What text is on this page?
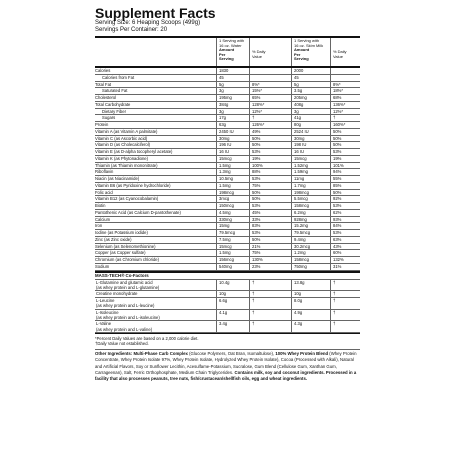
Supplement Facts
Serving Size: 6 Heaping Scoops (499g)
Servings Per Container: 20
1 Serving with
16 oz. Water
Amount
Per
Serving
% Daily
Value
1 Serving with
16 oz. Skim Milk
Amount
Per
Serving
% Daily
Value
Calories	1830	2000
Calories from Fat	45	45
Total Fat	5g	8%*	5g	8%*
Saturated Fat	3g	15%*	3.5g	18%*
Cholesterol	195mg	65%	205mg	68%
Total Carbohydrate	384g	128%*	408g	136%*
Dietary Fiber	3g	12%*	3g	12%*
Sugars	17g	†	41g	†
Protein	63g	126%*	80g	160%*
Vitamin A (as Vitamin A palmitate)	2450 IU	49%	2524 IU	50%
Vitamin C (as Ascorbic acid)	30mg	50%	30mg	50%
Vitamin D (as Cholecalciferol)	196 IU	50%	198 IU	50%
Vitamin E (as D-alpha tocopheryl acetate)	16 IU	53%	16 IU	53%
Vitamin K (as Phytonadione)	15mcg	19%	15mcg	19%
Thiamin (as Thiamin mononitrate)	1.5mg	100%	1.52mg	101%
Riboflavin	1.3mg	88%	1.59mg	94%
Niacin (as Niacinamide)	10.5mg	53%	11mg	55%
Vitamin B6 (as Pyridoxine hydrochloride)	1.5mg	75%	1.7mg	85%
Folic acid	198mcg	50%	198mcg	50%
Vitamin B12 (as Cyanocobalamin)	3mcg	50%	5.5mcg	92%
Biotin	150mcg	53%	158mcg	53%
Pantothenic Acid (as Calcium D-pantothenate)	4.5mg	45%	6.2mg	62%
Calcium	330mg	33%	928mg	93%
Iron	15mg	83%	15.2mg	84%
Iodine (as Potassium iodide)	79.5mcg	53%	79.5mcg	53%
Zinc (as Zinc oxide)	7.5mg	50%	9.4mg	63%
Selenium (as Selenomethionine)	15mcg	21%	30.2mcg	43%
Copper (as Copper sulfate)	1.5mg	75%	1.2mg	60%
Chromium (as Chromium chloride)	156mcg	130%	158mcg	132%
Sodium	540mg	23%	750mg	31%
MASS-TECH® Co-Factors
L-Glutamine and glutamic acid
(as whey protein and L-glutamine)
10.4g	†	13.8g	†
Creatine monohydrate	10g	†	10g	†
L-Leucine
(as whey protein and L-leucine)
6.6g	†	8.0g	†
L-Isoleucine
(as whey protein and L-isoleucine)
4.1g	†	4.9g	†
L-Valine
(as whey protein and L-valine)
3.4g	†	4.3g	†
*Percent Daily Values are based on a 2,000 calorie diet.
†Daily Value not established.
Other Ingredients: Multi-Phase Carb Complex (Glucose Polymers, Oat Bran, Isomaltulose), 100% Whey Protein Blend (Whey Protein Concentrate, Whey Protein Isolate 97%, Whey Protein Isolate, Hydrolyzed Whey Protein Isolate), Cocoa (Processed with Alkali), Natural and Artificial Flavors, Soy or Sunflower Lecithin, Acesulfame-Potassium, Sucralose, Gum Blend (Cellulose Gum, Xanthan Gum, Carrageenan), Salt, Ferric Orthophosphate, Medium Chain Triglycerides. Contains milk, soy and coconut ingredients. Processed in a facility that also processes peanuts, tree nuts, fish/crustacean/shellfish oils, egg and wheat ingredients.
